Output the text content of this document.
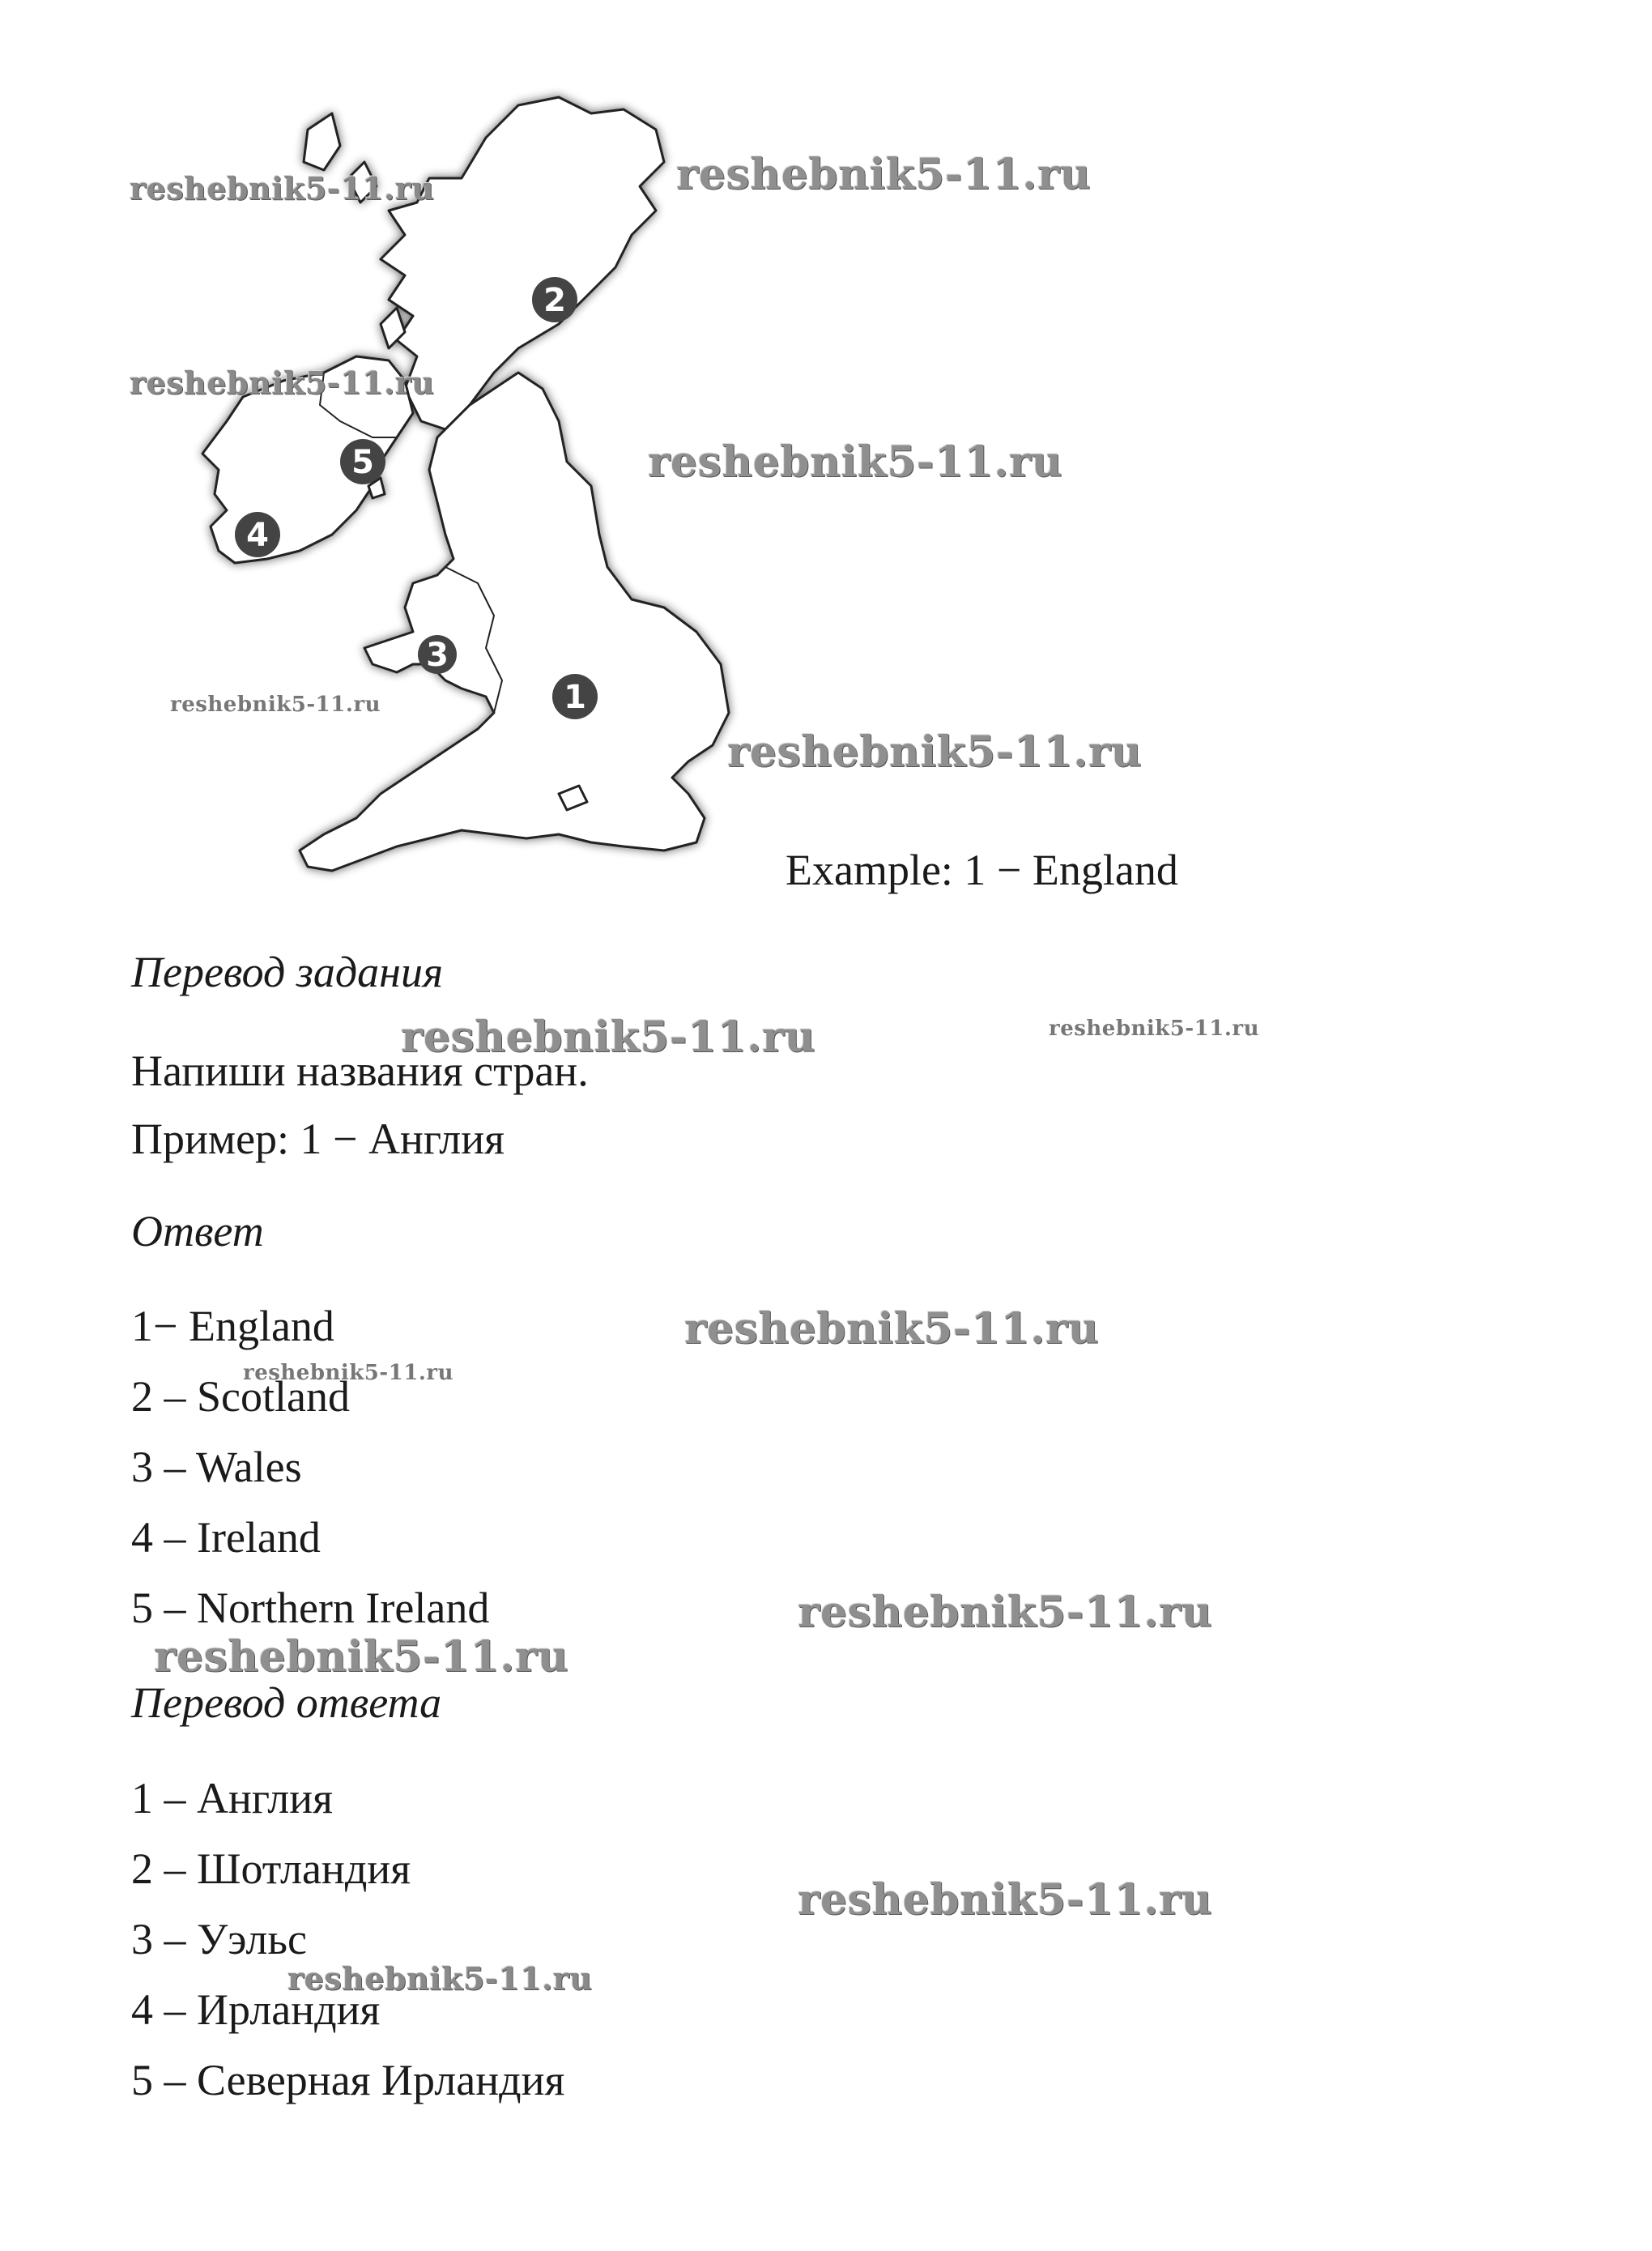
1
2
3
4
5
reshebnik5-11.ru	reshebnik5-11.ru
reshebnik5-11.ru
reshebnik5-11.ru
reshebnik5-11.ru
reshebnik5-11.ru
reshebnik5-11.ru	reshebnik5-11.ru
reshebnik5-11.ru
reshebnik5-11.ru
reshebnik5-11.ru
reshebnik5-11.ru
reshebnik5-11.ru
reshebnik5-11.ru
Example: 1 − England
Перевод задания
Напиши названия стран.
Пример: 1 − Англия
Ответ
1− England
2 – Scotland
3 – Wales
4 – Ireland
5 – Northern Ireland
Перевод ответа
1 – Англия
2 – Шотландия
3 – Уэльс
4 – Ирландия
5 – Северная Ирландия
